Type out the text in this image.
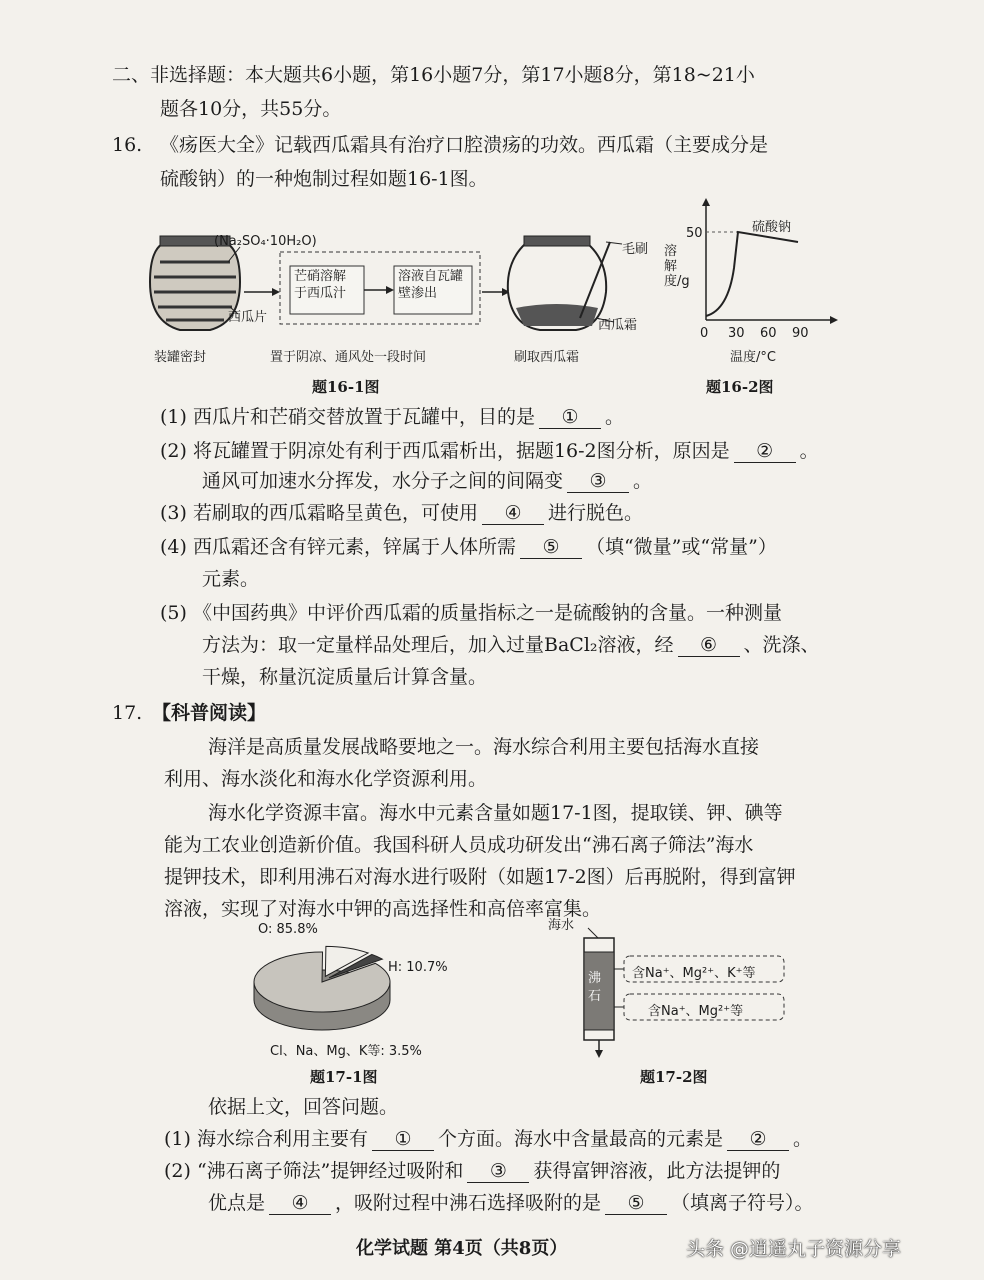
二、非选择题：本大题共6小题，第16小题7分，第17小题8分，第18~21小
题各10分，共55分。
16. 《疡医大全》记载西瓜霜具有治疗口腔溃疡的功效。西瓜霜（主要成分是
硫酸钠）的一种炮制过程如题16-1图。
(Na₂SO₄·10H₂O)
西瓜片
芒硝溶解于西瓜汁
溶液自瓦罐壁渗出
毛刷
西瓜霜
装罐密封	置于阴凉、通风处一段时间	刷取西瓜霜
题16-1图
溶解度/g
50	硫酸钠
0 30 60 90
温度/°C
题16-2图
(1) 西瓜片和芒硝交替放置于瓦罐中，目的是 ① 。
(2) 将瓦罐置于阴凉处有利于西瓜霜析出，据题16-2图分析，原因是 ② 。
通风可加速水分挥发，水分子之间的间隔变 ③ 。
(3) 若刷取的西瓜霜略呈黄色，可使用 ④ 进行脱色。
(4) 西瓜霜还含有锌元素，锌属于人体所需 ⑤ （填“微量”或“常量”）
元素。
(5) 《中国药典》中评价西瓜霜的质量指标之一是硫酸钠的含量。一种测量
方法为：取一定量样品处理后，加入过量BaCl₂溶液，经 ⑥ 、洗涤、
干燥，称量沉淀质量后计算含量。
17. 【科普阅读】
海洋是高质量发展战略要地之一。海水综合利用主要包括海水直接
利用、海水淡化和海水化学资源利用。
海水化学资源丰富。海水中元素含量如题17-1图，提取镁、钾、碘等
能为工农业创造新价值。我国科研人员成功研发出“沸石离子筛法”海水
提钾技术，即利用沸石对海水进行吸附（如题17-2图）后再脱附，得到富钾
溶液，实现了对海水中钾的高选择性和高倍率富集。
O: 85.8%
H: 10.7%
Cl、Na、Mg、K等: 3.5%
题17-1图
海水
沸石
含Na⁺、Mg²⁺、K⁺等
含Na⁺、Mg²⁺等
题17-2图
依据上文，回答问题。
(1) 海水综合利用主要有 ① 个方面。海水中含量最高的元素是 ② 。
(2) “沸石离子筛法”提钾经过吸附和 ③ 获得富钾溶液，此方法提钾的
优点是 ④ ，吸附过程中沸石选择吸附的是 ⑤ （填离子符号）。
化学试题 第4页（共8页）	头条 @逍遥丸子资源分享
